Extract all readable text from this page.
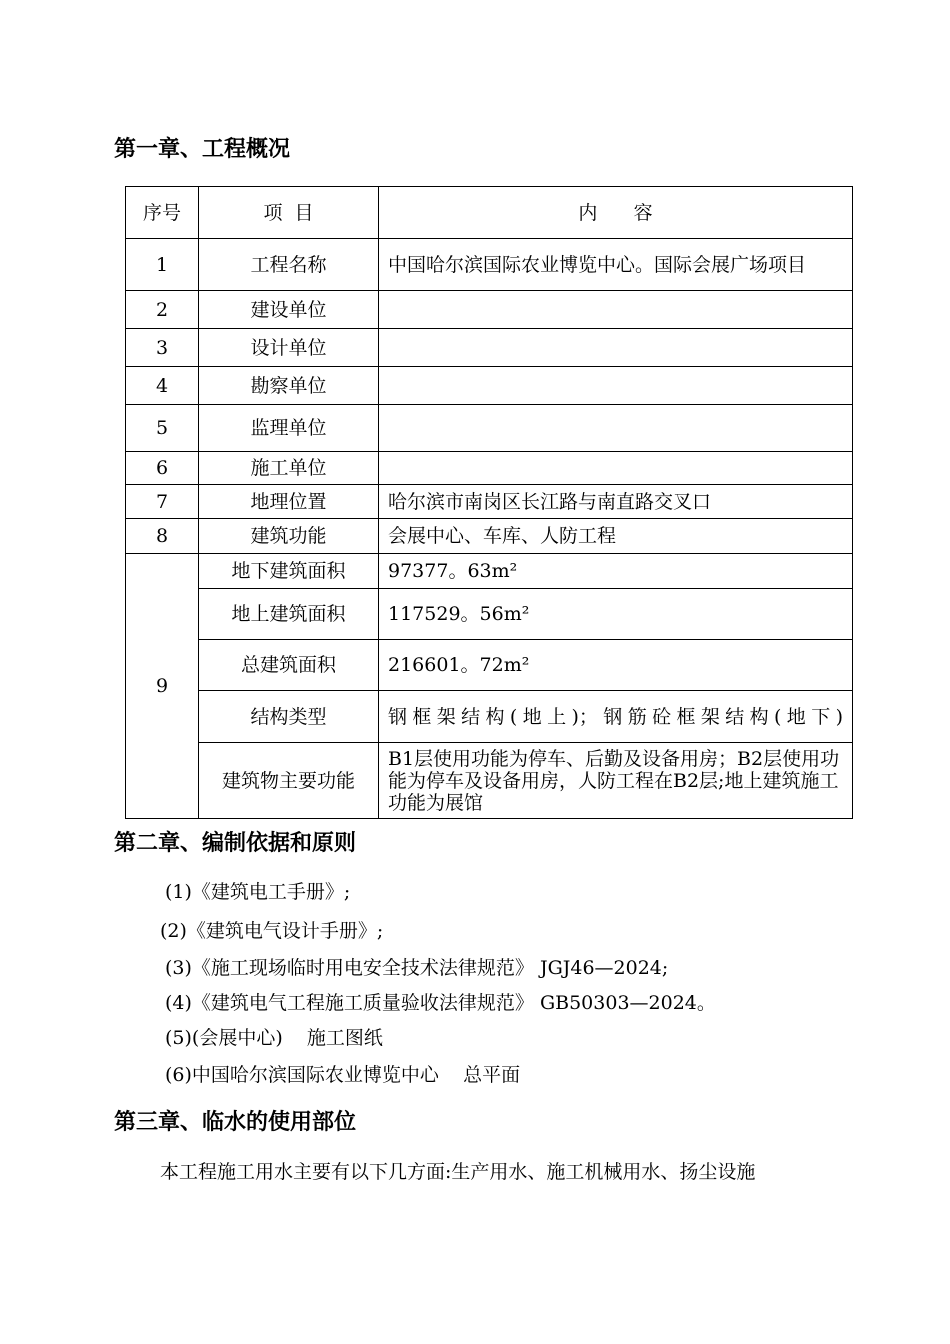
第一章、工程概况
序号	项  目	内      容
1	工程名称	中国哈尔滨国际农业博览中心。国际会展广场项目
2	建设单位	
3	设计单位	
4	勘察单位	
5	监理单位	
6	施工单位	
7	地理位置	哈尔滨市南岗区长江路与南直路交叉口
8	建筑功能	会展中心、车库、人防工程
9	地下建筑面积	97377。63m²
	地上建筑面积	117529。56m²
	总建筑面积	216601。72m²
	结构类型	钢框架结构(地上)；钢筋砼框架结构(地下)
	建筑物主要功能	B1层使用功能为停车、后勤及设备用房；B2层使用功能为停车及设备用房，人防工程在B2层;地上建筑施工功能为展馆
第二章、编制依据和原则
(1)《建筑电工手册》;
(2)《建筑电气设计手册》;
(3)《施工现场临时用电安全技术法律规范》 JGJ46—2024;
(4)《建筑电气工程施工质量验收法律规范》 GB50303—2024。
(5)(会展中心)    施工图纸
(6)中国哈尔滨国际农业博览中心    总平面
第三章、临水的使用部位
本工程施工用水主要有以下几方面:生产用水、施工机械用水、扬尘设施
